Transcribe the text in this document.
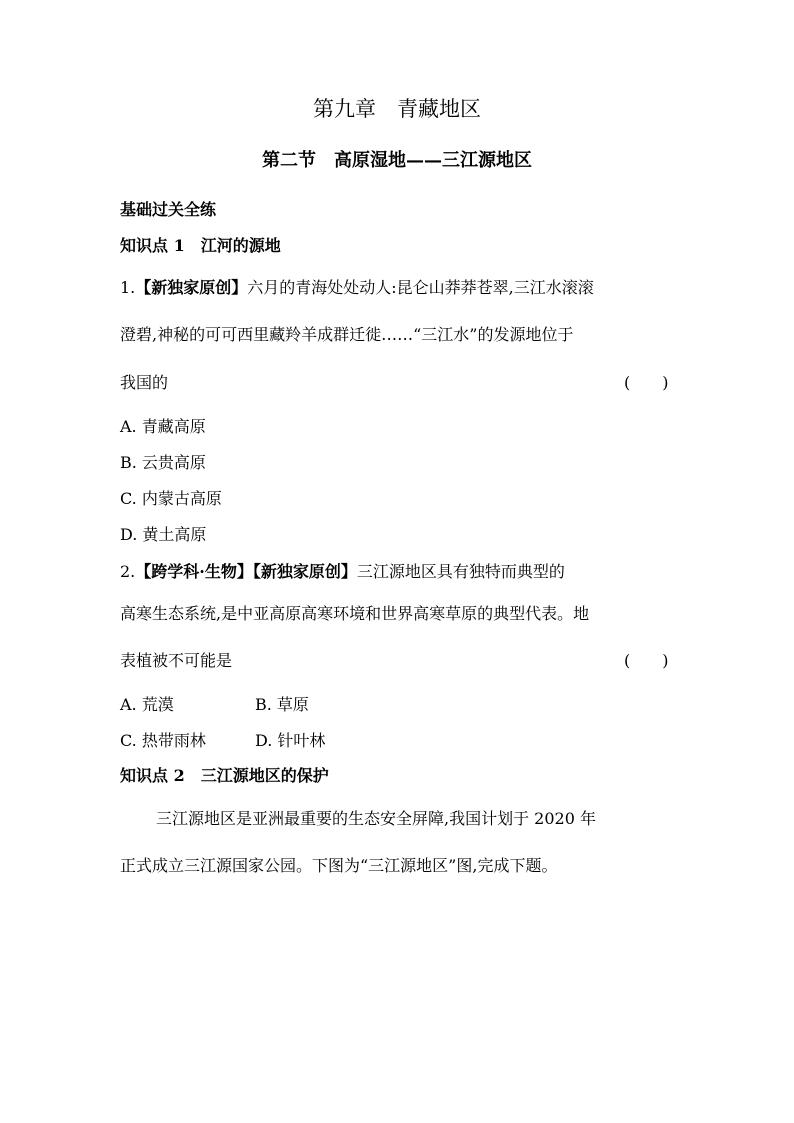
第九章　青藏地区
第二节　高原湿地——三江源地区
基础过关全练
知识点 1　江河的源地
1.【新独家原创】六月的青海处处动人:昆仑山莽莽苍翠,三江水滚滚
澄碧,神秘的可可西里藏羚羊成群迁徙……“三江水”的发源地位于
我国的	(　　)
A. 青藏高原
B. 云贵高原
C. 内蒙古高原
D. 黄土高原
2.【跨学科·生物】【新独家原创】三江源地区具有独特而典型的
高寒生态系统,是中亚高原高寒环境和世界高寒草原的典型代表。地
表植被不可能是	(　　)
A. 荒漠	B. 草原
C. 热带雨林	D. 针叶林
知识点 2　三江源地区的保护
三江源地区是亚洲最重要的生态安全屏障,我国计划于 2020 年
正式成立三江源国家公园。下图为“三江源地区”图,完成下题。
